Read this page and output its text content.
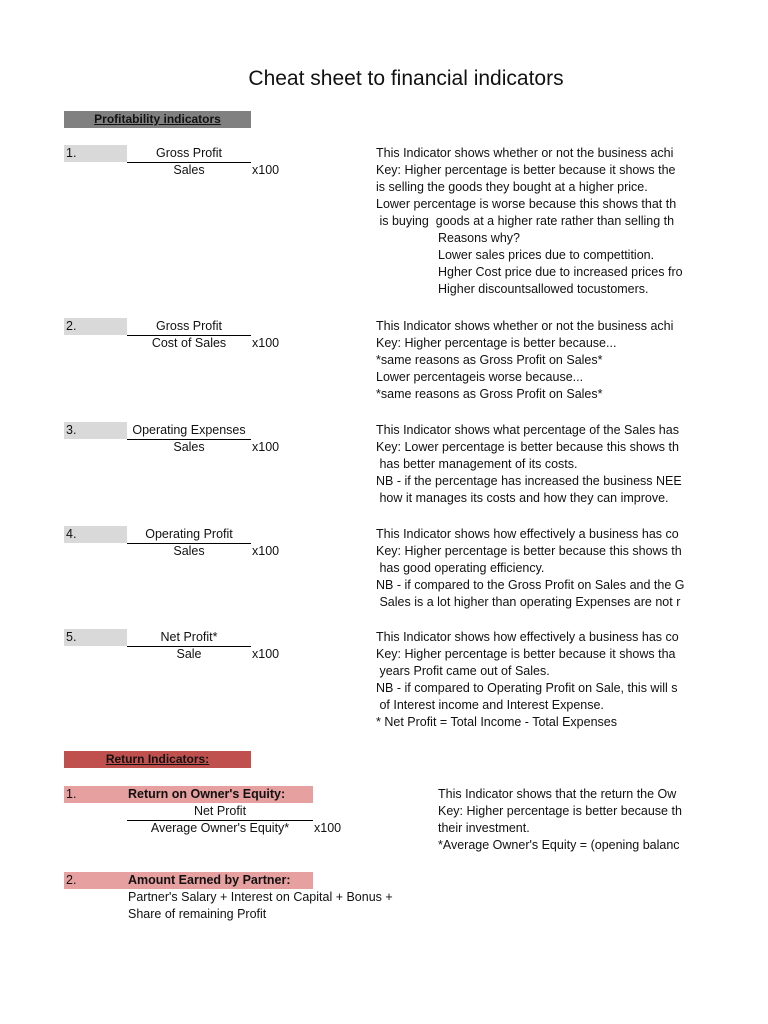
Cheat sheet to financial indicators
Profitability indicators
1.	Gross Profit
Sales	x100
This Indicator shows whether or not the business achi
Key: Higher percentage is better because it shows the
is selling the goods they bought at a higher price.
Lower percentage is worse because this shows that th
is buying  goods at a higher rate rather than selling th
Reasons why?
Lower sales prices due to compettition.
Hgher Cost price due to increased prices fro
Higher discountsallowed tocustomers.
2.	Gross Profit
Cost of Sales	x100
This Indicator shows whether or not the business achi
Key: Higher percentage is better because...
*same reasons as Gross Profit on Sales*
Lower percentageis worse because...
*same reasons as Gross Profit on Sales*
3.	Operating Expenses
Sales	x100
This Indicator shows what percentage of the Sales has
Key: Lower percentage is better because this shows th
has better management of its costs.
NB - if the percentage has increased the business NEE
how it manages its costs and how they can improve.
4.	Operating Profit
Sales	x100
This Indicator shows how effectively a business has co
Key: Higher percentage is better because this shows th
has good operating efficiency.
NB - if compared to the Gross Profit on Sales and the G
Sales is a lot higher than operating Expenses are not r
5.	Net Profit*
Sale	x100
This Indicator shows how effectively a business has co
Key: Higher percentage is better because it shows tha
years Profit came out of Sales.
NB - if compared to Operating Profit on Sale, this will s
of Interest income and Interest Expense.
* Net Profit = Total Income - Total Expenses
Return Indicators:
1.	Return on Owner's Equity:
Net Profit
Average Owner's Equity*	x100
This Indicator shows that the return the Ow
Key: Higher percentage is better because th
their investment.
*Average Owner's Equity = (opening balanc
2.	Amount Earned by Partner:
Partner's Salary + Interest on Capital + Bonus +
Share of remaining Profit
